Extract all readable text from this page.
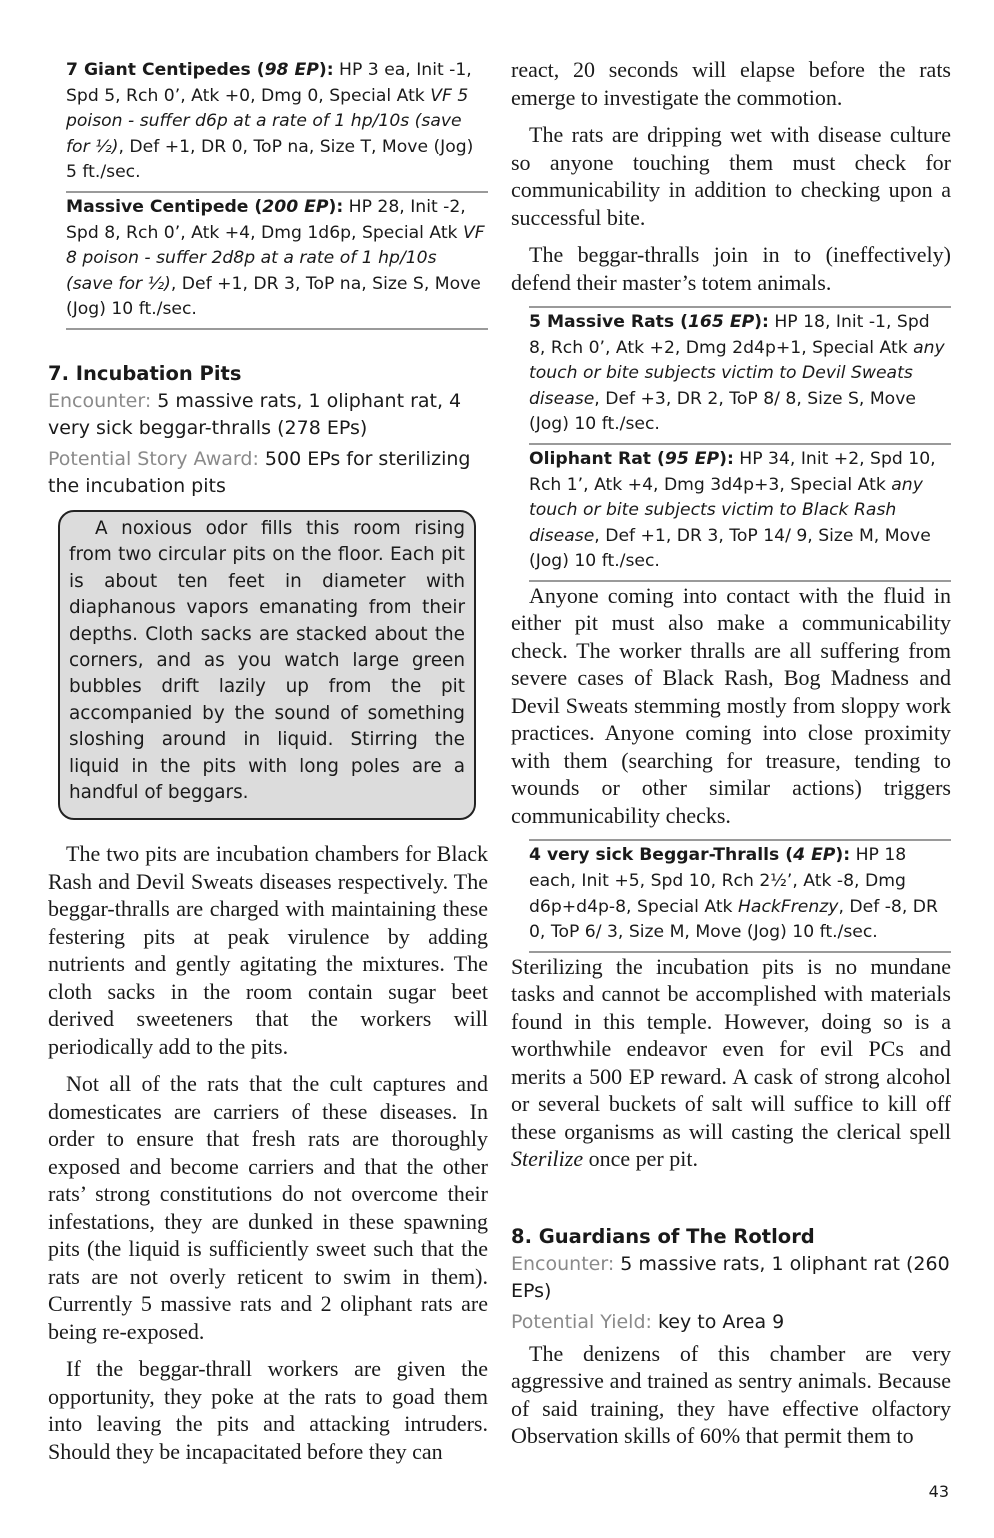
7 Giant Centipedes (98 EP): HP 3 ea, Init -1, Spd 5, Rch 0’, Atk +0, Dmg 0, Special Atk VF 5 poison - suffer d6p at a rate of 1 hp/10s (save for ½), Def +1, DR 0, ToP na, Size T, Move (Jog) 5 ft./sec.
Massive Centipede (200 EP): HP 28, Init -2, Spd 8, Rch 0’, Atk +4, Dmg 1d6p, Special Atk VF 8 poison - suffer 2d8p at a rate of 1 hp/10s (save for ½), Def +1, DR 3, ToP na, Size S, Move (Jog) 10 ft./sec.
7. Incubation Pits

Encounter: 5 massive rats, 1 oliphant rat, 4 very sick beggar-thralls (278 EPs)

Potential Story Award: 500 EPs for sterilizing the incubation pits

A noxious odor fills this room rising from two circular pits on the floor. Each pit is about ten feet in diameter with diaphanous vapors emanating from their depths. Cloth sacks are stacked about the corners, and as you watch large green bubbles drift lazily up from the pit accompanied by the sound of something sloshing around in liquid. Stirring the liquid in the pits with long poles are a handful of beggars.

The two pits are incubation chambers for Black Rash and Devil Sweats diseases respectively. The beggar-thralls are charged with maintaining these festering pits at peak virulence by adding nutrients and gently agitating the mixtures. The cloth sacks in the room contain sugar beet derived sweeteners that the workers will periodically add to the pits.

Not all of the rats that the cult captures and domesticates are carriers of these diseases. In order to ensure that fresh rats are thoroughly exposed and become carriers and that the other rats’ strong constitutions do not overcome their infestations, they are dunked in these spawning pits (the liquid is sufficiently sweet such that the rats are not overly reticent to swim in them). Currently 5 massive rats and 2 oliphant rats are being re-exposed.

If the beggar-thrall workers are given the opportunity, they poke at the rats to goad them into leaving the pits and attacking intruders. Should they be incapacitated before they can

react, 20 seconds will elapse before the rats emerge to investigate the commotion.

The rats are dripping wet with disease culture so anyone touching them must check for communicability in addition to checking upon a successful bite.

The beggar-thralls join in to (ineffectively) defend their master’s totem animals.

5 Massive Rats (165 EP): HP 18, Init -1, Spd 8, Rch 0’, Atk +2, Dmg 2d4p+1, Special Atk any touch or bite subjects victim to Devil Sweats disease, Def +3, DR 2, ToP 8/ 8, Size S, Move (Jog) 10 ft./sec.
Oliphant Rat (95 EP): HP 34, Init +2, Spd 10, Rch 1’, Atk +4, Dmg 3d4p+3, Special Atk any touch or bite subjects victim to Black Rash disease, Def +1, DR 3, ToP 14/ 9, Size M, Move (Jog) 10 ft./sec.

Anyone coming into contact with the fluid in either pit must also make a communicability check. The worker thralls are all suffering from severe cases of Black Rash, Bog Madness and Devil Sweats stemming mostly from sloppy work practices. Anyone coming into close proximity with them (searching for treasure, tending to wounds or other similar actions) triggers communicability checks.

4 very sick Beggar-Thralls (4 EP): HP 18 each, Init +5, Spd 10, Rch 2½’, Atk -8, Dmg d6p+d4p-8, Special Atk HackFrenzy, Def -8, DR 0, ToP 6/ 3, Size M, Move (Jog) 10 ft./sec.

Sterilizing the incubation pits is no mundane tasks and cannot be accomplished with materials found in this temple. However, doing so is a worthwhile endeavor even for evil PCs and merits a 500 EP reward. A cask of strong alcohol or several buckets of salt will suffice to kill off these organisms as will casting the clerical spell Sterilize once per pit.

8. Guardians of The Rotlord

Encounter: 5 massive rats, 1 oliphant rat (260 EPs)

Potential Yield: key to Area 9

The denizens of this chamber are very aggressive and trained as sentry animals. Because of said training, they have effective olfactory Observation skills of 60% that permit them to

43
